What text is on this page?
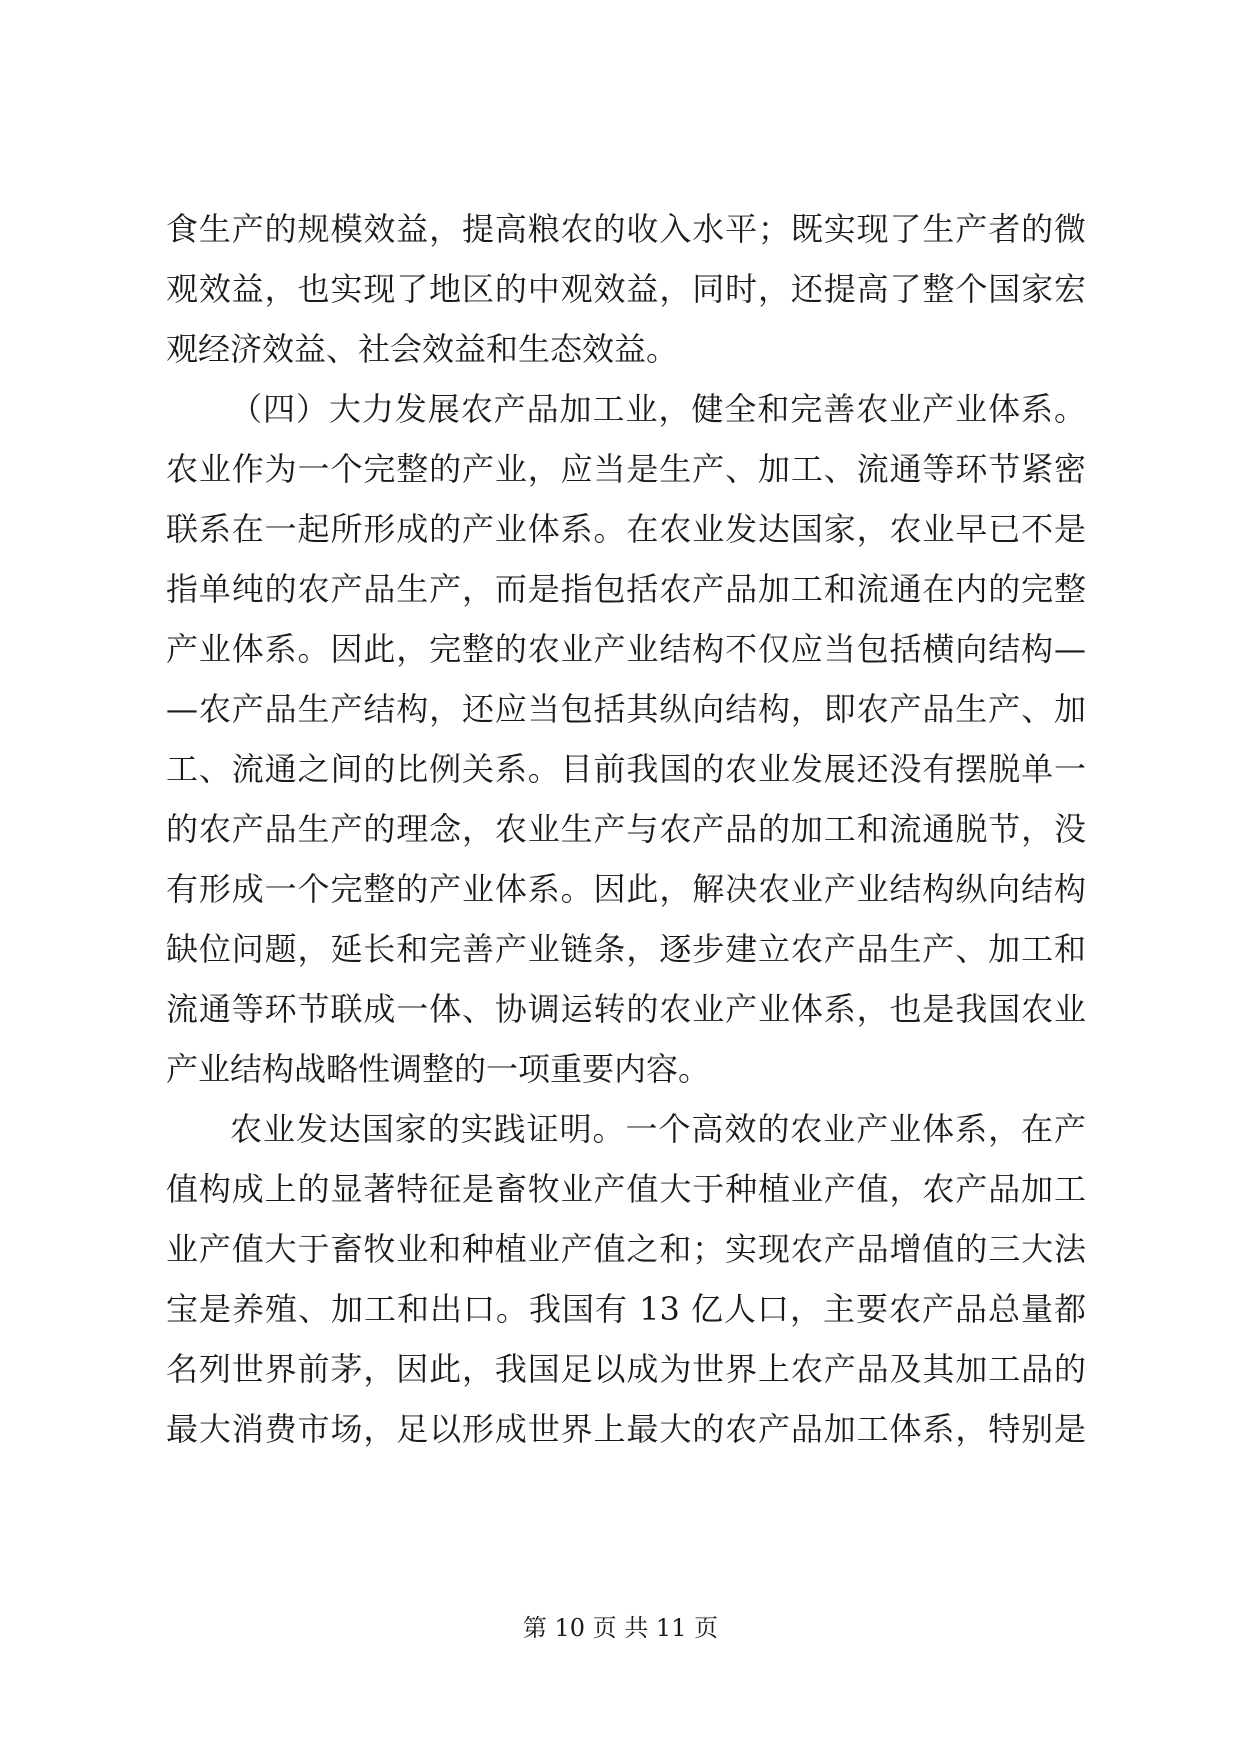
食生产的规模效益，提高粮农的收入水平；既实现了生产者的微
观效益，也实现了地区的中观效益，同时，还提高了整个国家宏
观经济效益、社会效益和生态效益。
（四）大力发展农产品加工业，健全和完善农业产业体系。
农业作为一个完整的产业，应当是生产、加工、流通等环节紧密
联系在一起所形成的产业体系。在农业发达国家，农业早已不是
指单纯的农产品生产，而是指包括农产品加工和流通在内的完整
产业体系。因此，完整的农业产业结构不仅应当包括横向结构—
—农产品生产结构，还应当包括其纵向结构，即农产品生产、加
工、流通之间的比例关系。目前我国的农业发展还没有摆脱单一
的农产品生产的理念，农业生产与农产品的加工和流通脱节，没
有形成一个完整的产业体系。因此，解决农业产业结构纵向结构
缺位问题，延长和完善产业链条，逐步建立农产品生产、加工和
流通等环节联成一体、协调运转的农业产业体系，也是我国农业
产业结构战略性调整的一项重要内容。
农业发达国家的实践证明。一个高效的农业产业体系，在产
值构成上的显著特征是畜牧业产值大于种植业产值，农产品加工
业产值大于畜牧业和种植业产值之和；实现农产品增值的三大法
宝是养殖、加工和出口。我国有 13 亿人口，主要农产品总量都
名列世界前茅，因此，我国足以成为世界上农产品及其加工品的
最大消费市场，足以形成世界上最大的农产品加工体系，特别是
第 10 页 共 11 页
